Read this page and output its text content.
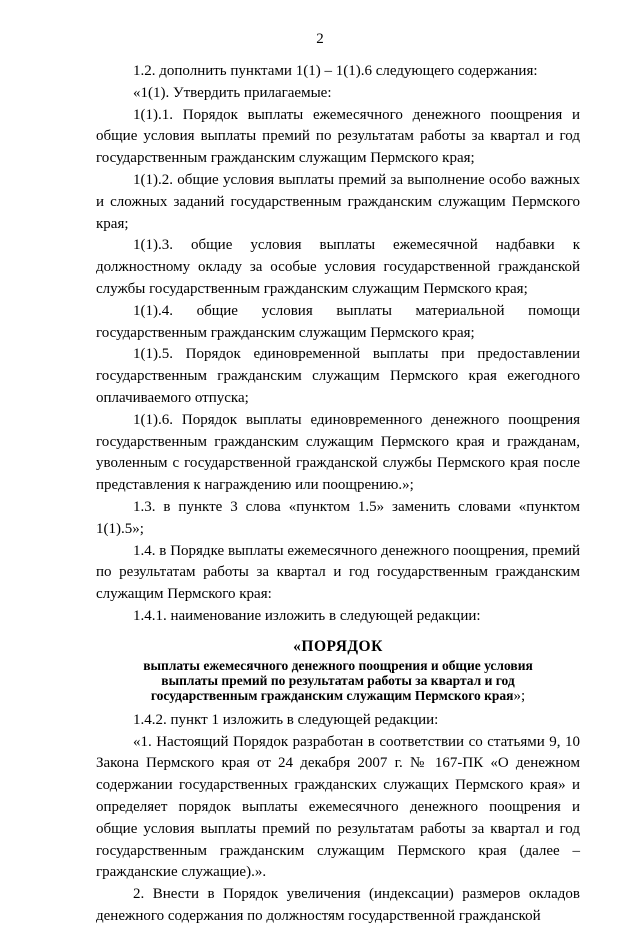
2

1.2. дополнить пунктами 1(1) – 1(1).6 следующего содержания:

«1(1). Утвердить прилагаемые:

1(1).1. Порядок выплаты ежемесячного денежного поощрения и общие условия выплаты премий по результатам работы за квартал и год государственным гражданским служащим Пермского края;

1(1).2. общие условия выплаты премий за выполнение особо важных и сложных заданий государственным гражданским служащим Пермского края;

1(1).3. общие условия выплаты ежемесячной надбавки к должностному окладу за особые условия государственной гражданской службы государственным гражданским служащим Пермского края;

1(1).4. общие условия выплаты материальной помощи государственным гражданским служащим Пермского края;

1(1).5. Порядок единовременной выплаты при предоставлении государственным гражданским служащим Пермского края ежегодного оплачиваемого отпуска;

1(1).6. Порядок выплаты единовременного денежного поощрения государственным гражданским служащим Пермского края и гражданам, уволенным с государственной гражданской службы Пермского края после представления к награждению или поощрению.»;

1.3. в пункте 3 слова «пунктом 1.5» заменить словами «пунктом 1(1).5»;

1.4. в Порядке выплаты ежемесячного денежного поощрения, премий по результатам работы за квартал и год государственным гражданским служащим Пермского края:

1.4.1. наименование изложить в следующей редакции:

«ПОРЯДОК
выплаты ежемесячного денежного поощрения и общие условия
выплаты премий по результатам работы за квартал и год
государственным гражданским служащим Пермского края»;

1.4.2. пункт 1 изложить в следующей редакции:

«1. Настоящий Порядок разработан в соответствии со статьями 9, 10 Закона Пермского края от 24 декабря 2007 г. № 167-ПК «О денежном содержании государственных гражданских служащих Пермского края» и определяет порядок выплаты ежемесячного денежного поощрения и общие условия выплаты премий по результатам работы за квартал и год государственным гражданским служащим Пермского края (далее – гражданские служащие).».

2. Внести в Порядок увеличения (индексации) размеров окладов денежного содержания по должностям государственной гражданской
